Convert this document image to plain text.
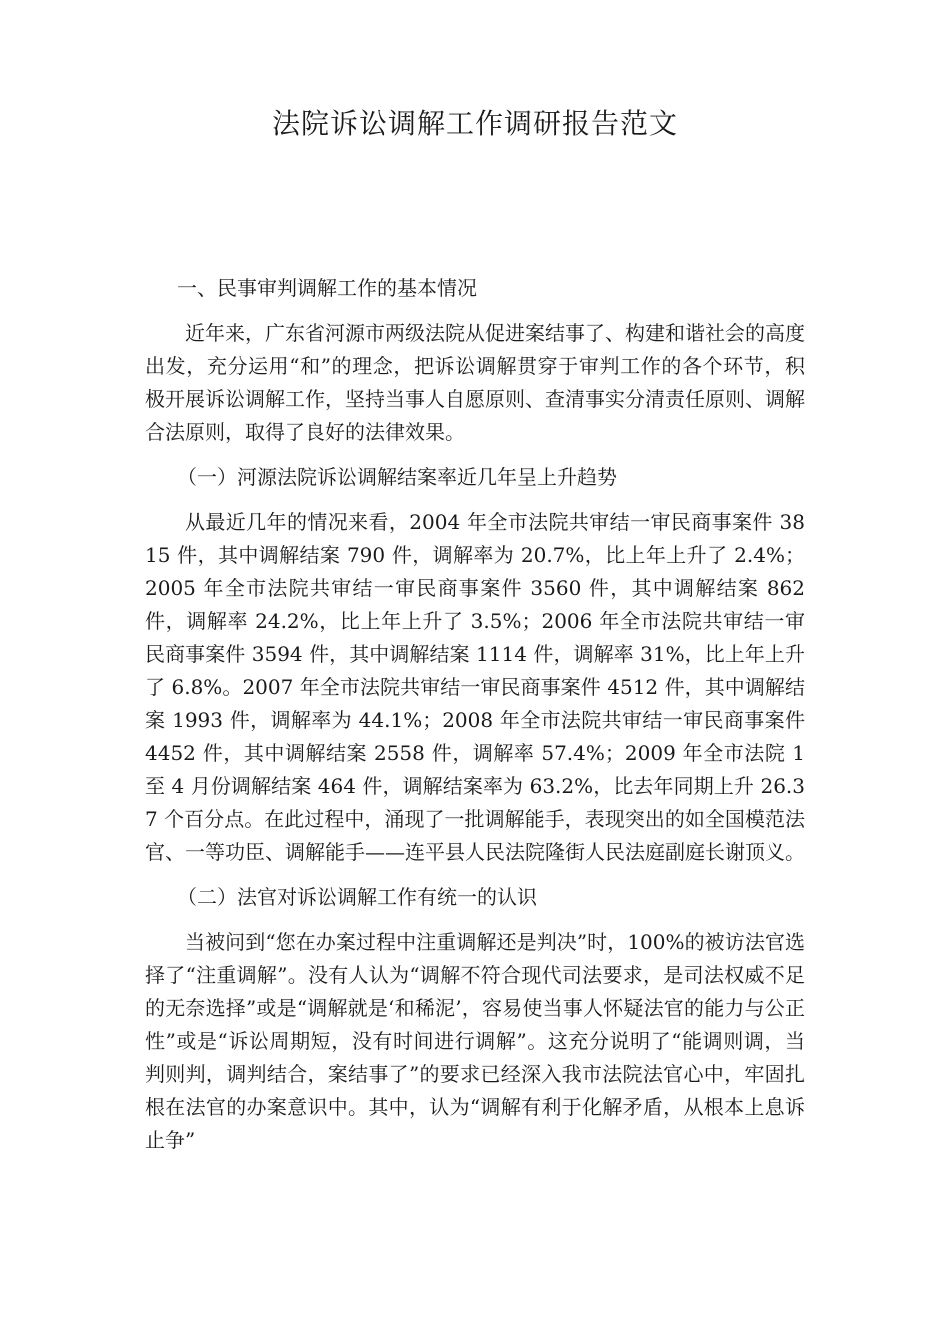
法院诉讼调解工作调研报告范文

一、民事审判调解工作的基本情况

近年来，广东省河源市两级法院从促进案结事了、构建和谐社会的高度出发，充分运用“和”的理念，把诉讼调解贯穿于审判工作的各个环节，积极开展诉讼调解工作，坚持当事人自愿原则、查清事实分清责任原则、调解合法原则，取得了良好的法律效果。

（一）河源法院诉讼调解结案率近几年呈上升趋势

从最近几年的情况来看，2004 年全市法院共审结一审民商事案件 3815 件，其中调解结案 790 件，调解率为 20.7%，比上年上升了 2.4%；2005 年全市法院共审结一审民商事案件 3560 件，其中调解结案 862 件，调解率 24.2%，比上年上升了 3.5%；2006 年全市法院共审结一审民商事案件 3594 件，其中调解结案 1114 件，调解率 31%，比上年上升了 6.8%。2007 年全市法院共审结一审民商事案件 4512 件，其中调解结案 1993 件，调解率为 44.1%；2008 年全市法院共审结一审民商事案件 4452 件，其中调解结案 2558 件，调解率 57.4%；2009 年全市法院 1 至 4 月份调解结案 464 件，调解结案率为 63.2%，比去年同期上升 26.37 个百分点。在此过程中，涌现了一批调解能手，表现突出的如全国模范法官、一等功臣、调解能手——连平县人民法院隆街人民法庭副庭长谢顶义。

（二）法官对诉讼调解工作有统一的认识

当被问到“您在办案过程中注重调解还是判决”时，100%的被访法官选择了“注重调解”。没有人认为“调解不符合现代司法要求，是司法权威不足的无奈选择”或是“调解就是‘和稀泥’，容易使当事人怀疑法官的能力与公正性”或是“诉讼周期短，没有时间进行调解”。这充分说明了“能调则调，当判则判，调判结合，案结事了”的要求已经深入我市法院法官心中，牢固扎根在法官的办案意识中。其中，认为“调解有利于化解矛盾，从根本上息诉止争”
